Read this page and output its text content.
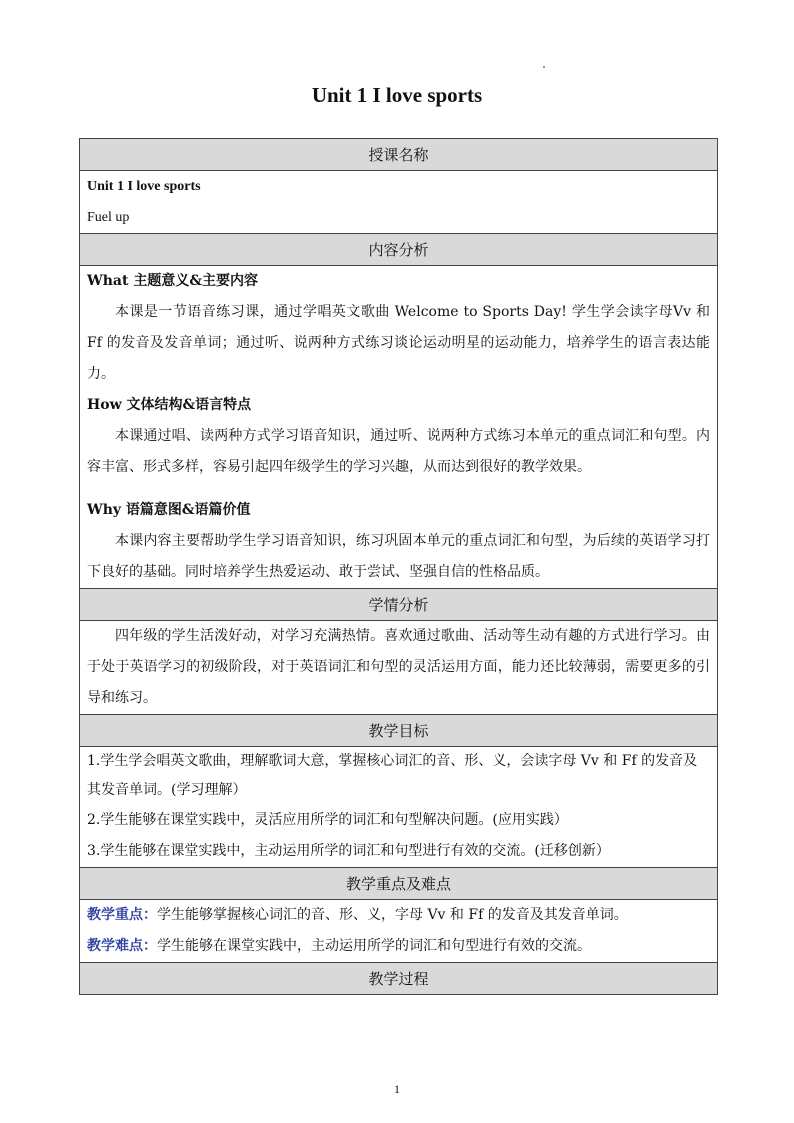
Unit 1 I love sports
授课名称

Unit 1 I love sports
Fuel up

内容分析

What 主题意义&主要内容
本课是一节语音练习课，通过学唱英文歌曲 Welcome to Sports Day! 学生学会读字母Vv 和 Ff 的发音及发音单词；通过听、说两种方式练习谈论运动明星的运动能力，培养学生的语言表达能力。
How 文体结构&语言特点
本课通过唱、读两种方式学习语音知识，通过听、说两种方式练习本单元的重点词汇和句型。内容丰富、形式多样，容易引起四年级学生的学习兴趣，从而达到很好的教学效果。
Why 语篇意图&语篇价值
本课内容主要帮助学生学习语音知识，练习巩固本单元的重点词汇和句型，为后续的英语学习打下良好的基础。同时培养学生热爱运动、敢于尝试、坚强自信的性格品质。

学情分析

四年级的学生活泼好动，对学习充满热情。喜欢通过歌曲、活动等生动有趣的方式进行学习。由于处于英语学习的初级阶段，对于英语词汇和句型的灵活运用方面，能力还比较薄弱，需要更多的引导和练习。

教学目标

1.学生学会唱英文歌曲，理解歌词大意，掌握核心词汇的音、形、义，会读字母 Vv 和 Ff 的发音及其发音单词。(学习理解）
2.学生能够在课堂实践中，灵活应用所学的词汇和句型解决问题。(应用实践）
3.学生能够在课堂实践中，主动运用所学的词汇和句型进行有效的交流。(迁移创新）

教学重点及难点

教学重点：学生能够掌握核心词汇的音、形、义，字母 Vv 和 Ff 的发音及其发音单词。
教学难点：学生能够在课堂实践中，主动运用所学的词汇和句型进行有效的交流。

教学过程
1
